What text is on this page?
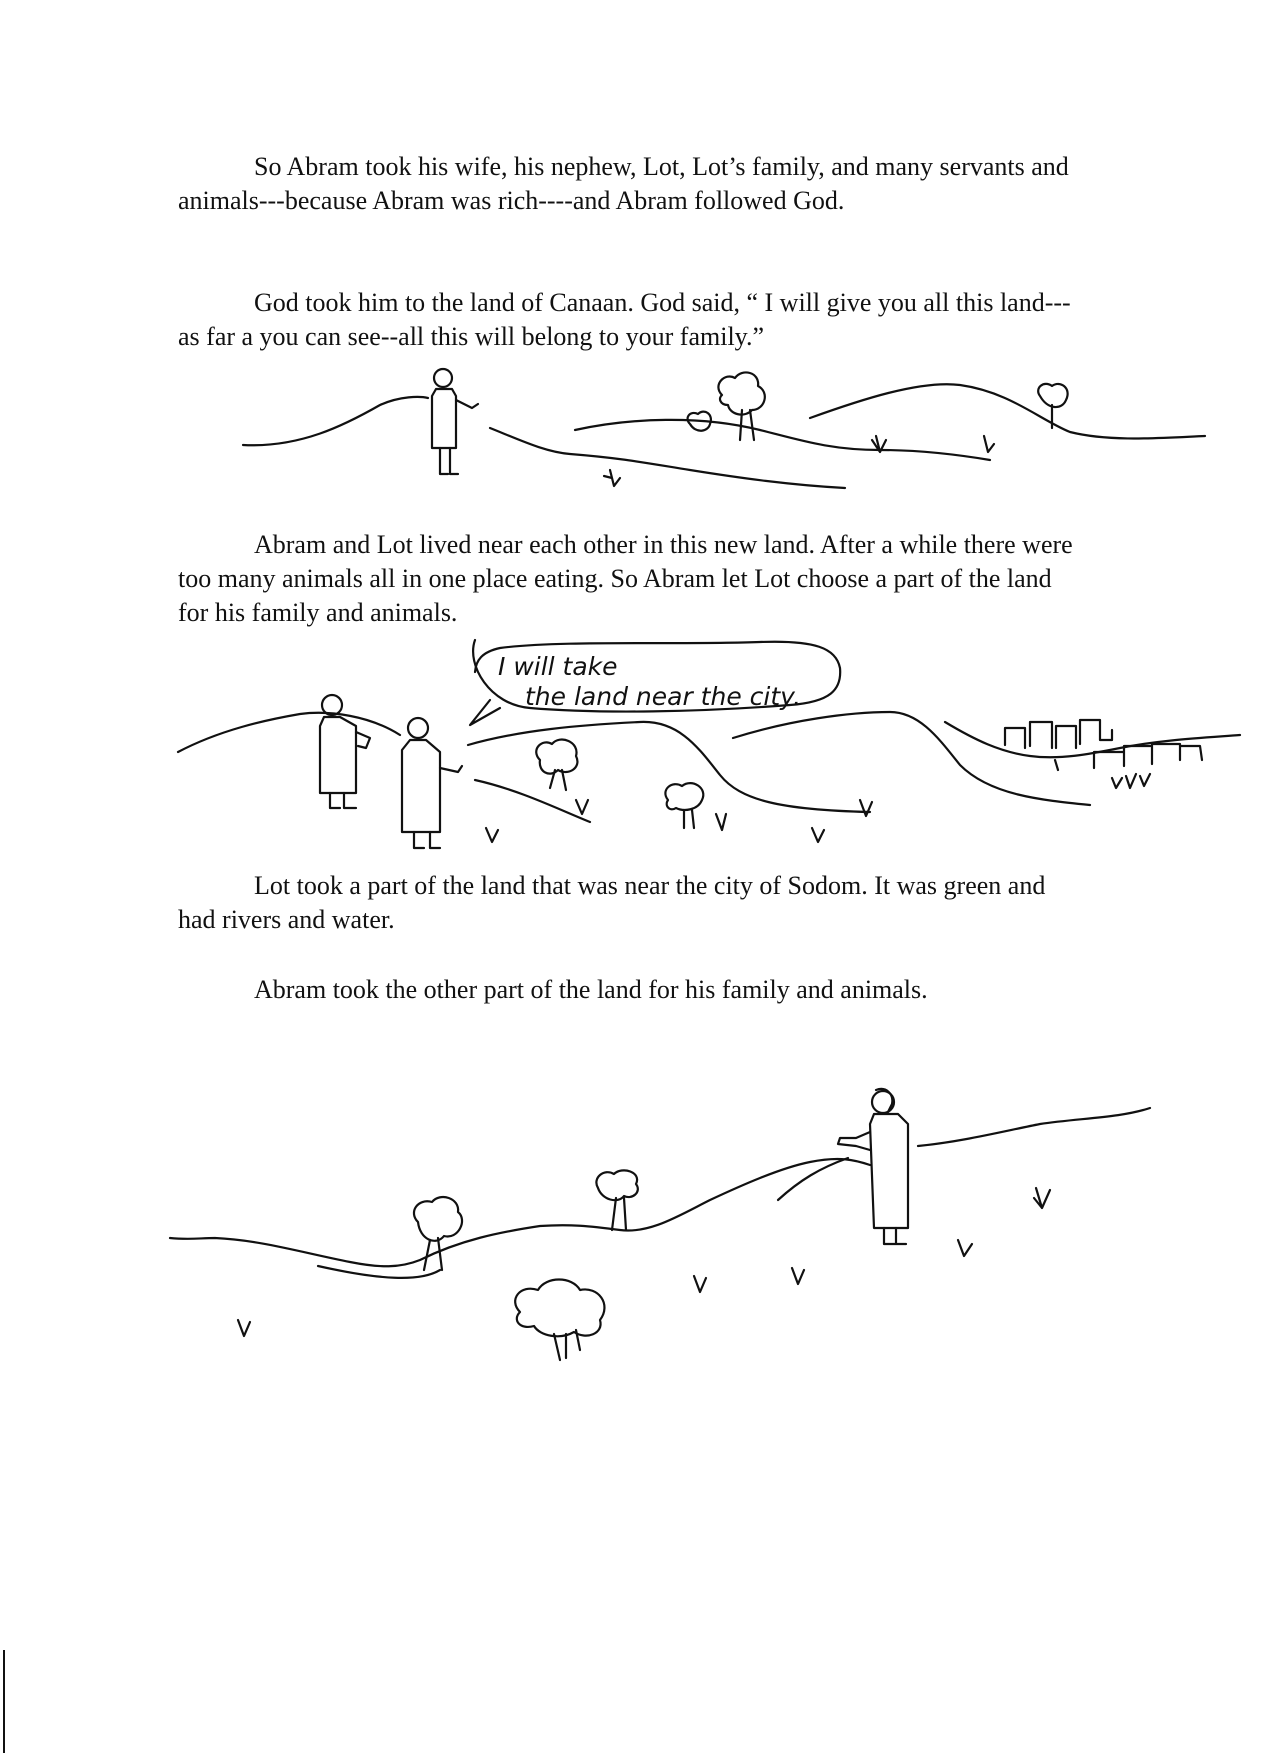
So Abram took his wife, his nephew, Lot, Lot’s family, and many servants and animals---because Abram was rich----and Abram followed God.

God took him to the land of Canaan. God said, “ I will give you all this land---as far a you can see--all this will belong to your family.”

Abram and Lot lived near each other in this new land. After a while there were too many animals all in one place eating. So Abram let Lot choose a part of the land for his family and animals.

Lot took a part of the land that was near the city of Sodom. It was green and had rivers and water.

Abram took the other part of the land for his family and animals.

I will take
the land near the city.
